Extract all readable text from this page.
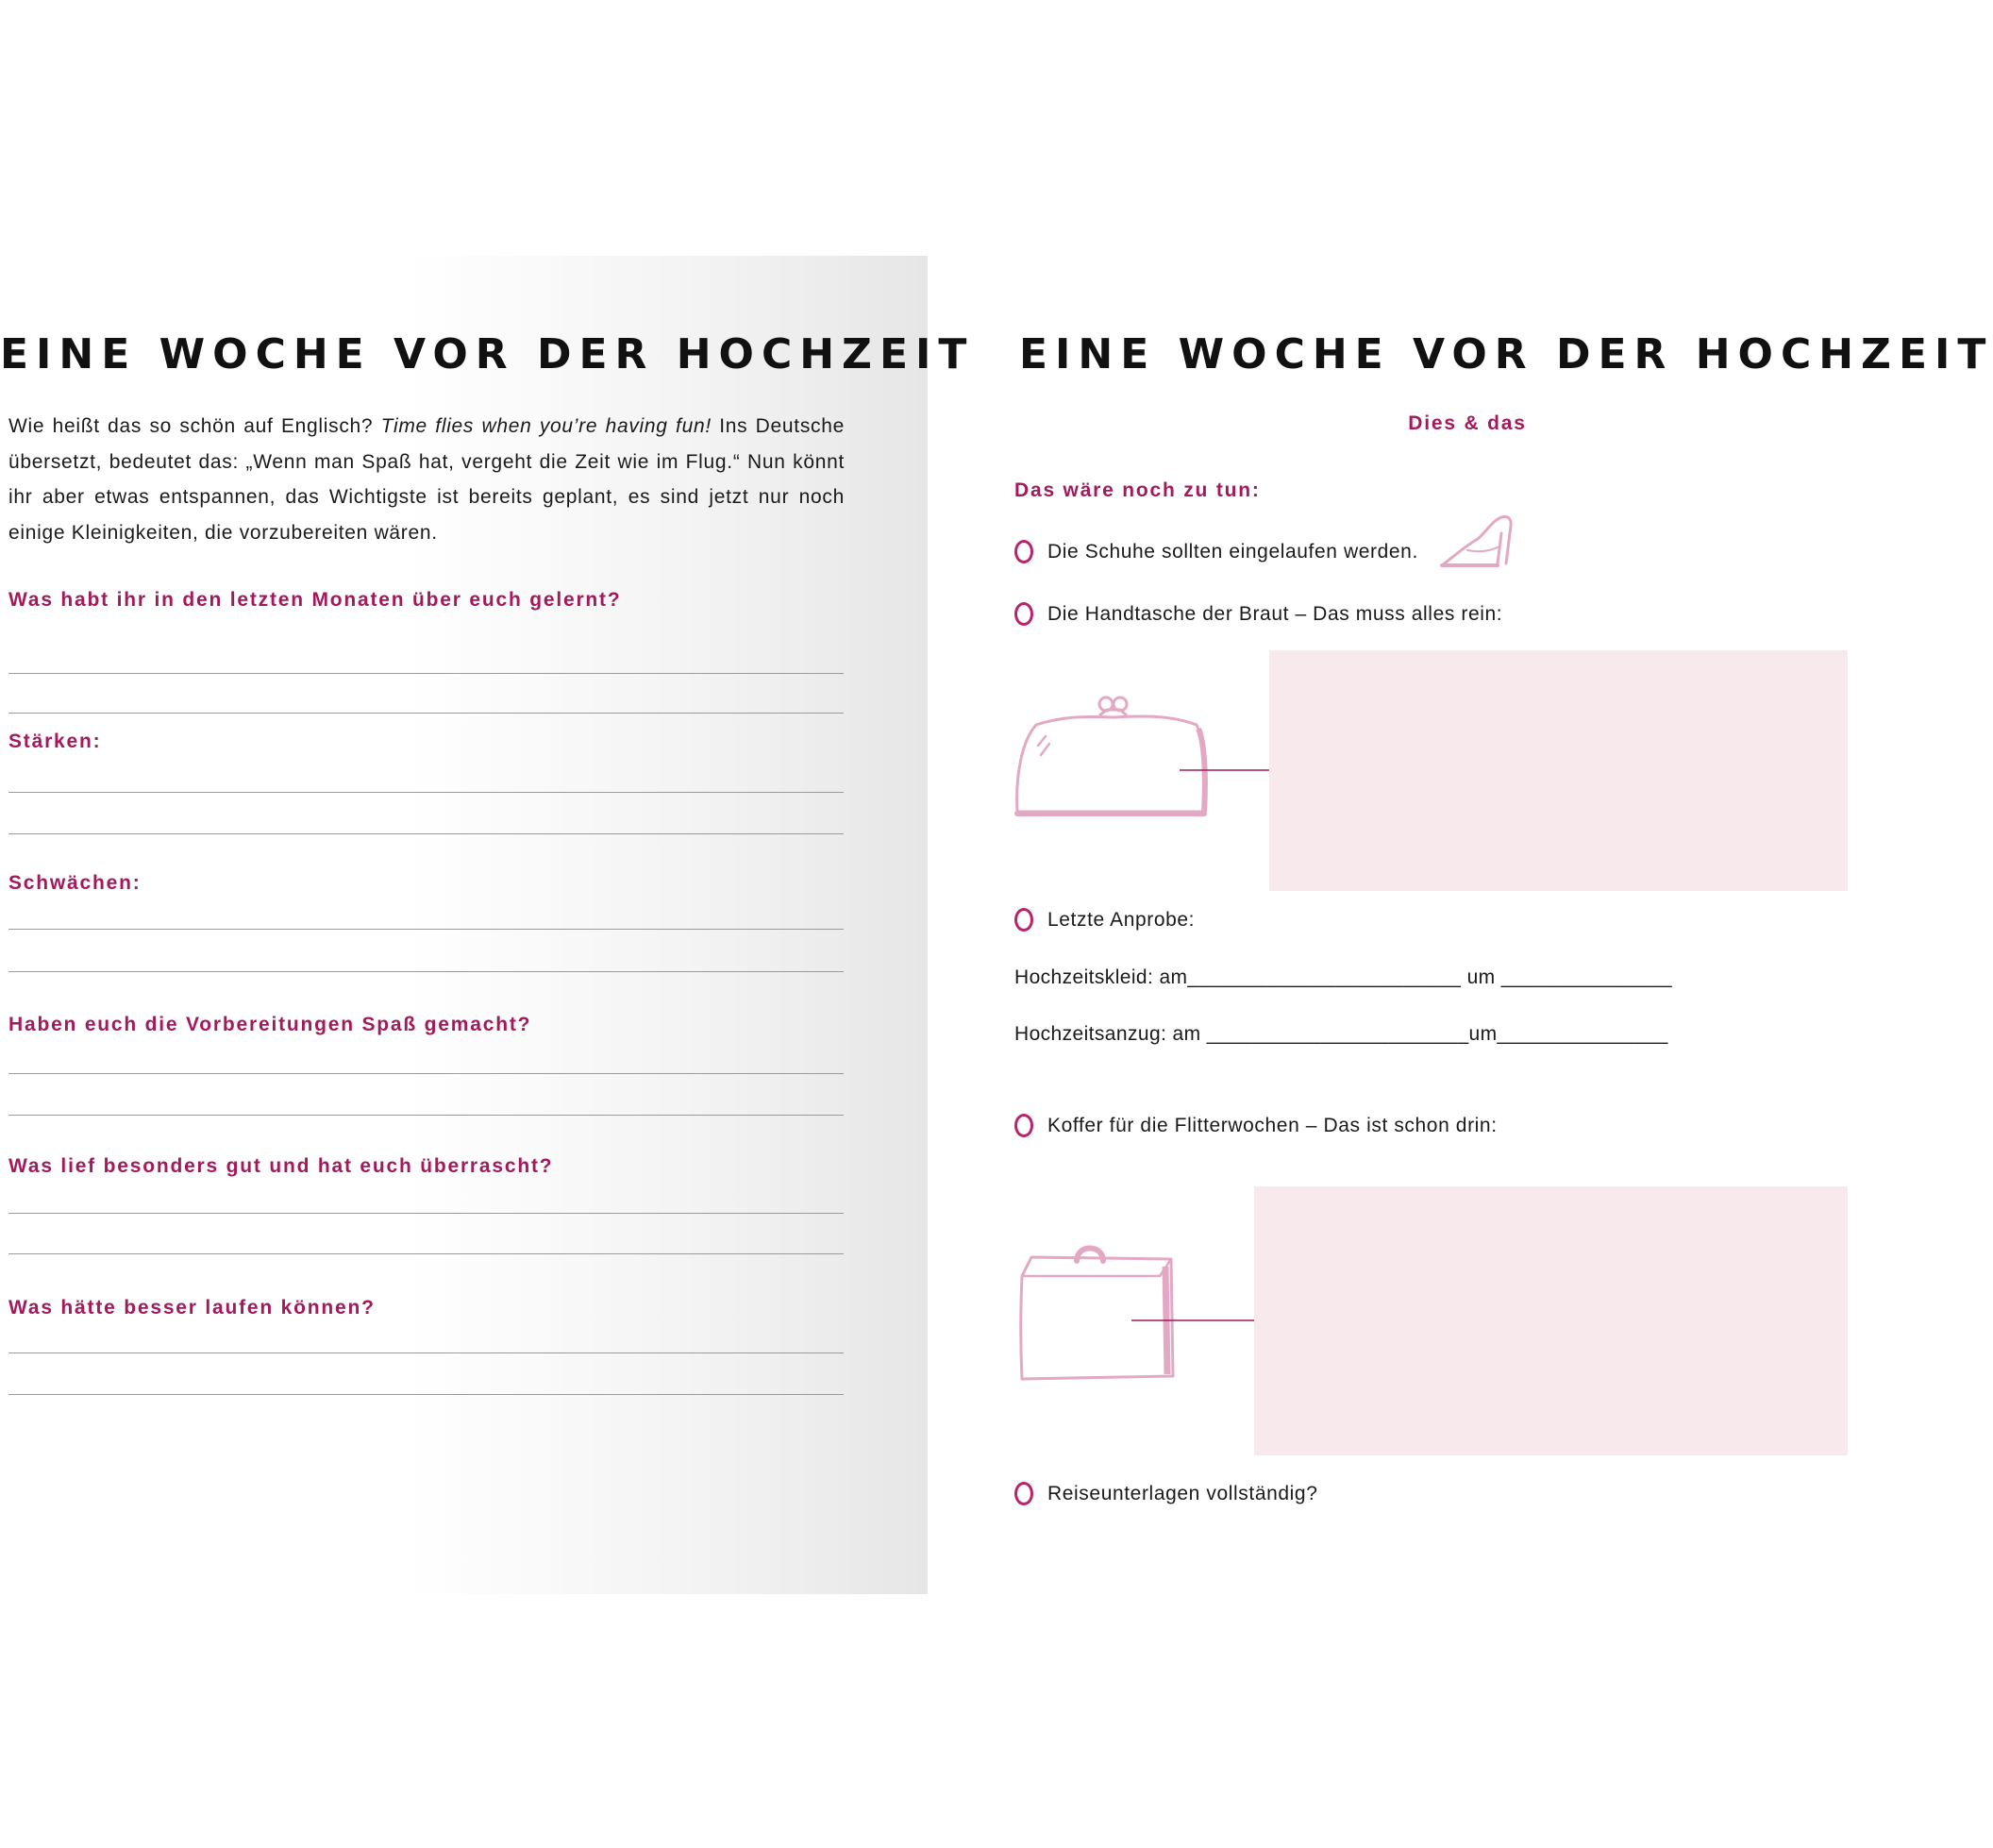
EINE WOCHE VOR DER HOCHZEIT

Wie heißt das so schön auf Englisch? Time flies when you’re having fun! Ins Deutsche übersetzt, bedeutet das: „Wenn man Spaß hat, vergeht die Zeit wie im Flug.“ Nun könnt ihr aber etwas entspannen, das Wichtigste ist bereits geplant, es sind jetzt nur noch einige Kleinigkeiten, die vorzubereiten wären.

Was habt ihr in den letzten Monaten über euch gelernt?

Stärken:

Schwächen:

Haben euch die Vorbereitungen Spaß gemacht?

Was lief besonders gut und hat euch überrascht?

Was hätte besser laufen können?

EINE WOCHE VOR DER HOCHZEIT

Dies & das

Das wäre noch zu tun:

Die Schuhe sollten eingelaufen werden.
Die Handtasche der Braut – Das muss alles rein:
Letzte Anprobe:

Hochzeitskleid: am________________________ um _______________

Hochzeitsanzug: am _______________________um_______________

Koffer für die Flitterwochen – Das ist schon drin:
Reiseunterlagen vollständig?
